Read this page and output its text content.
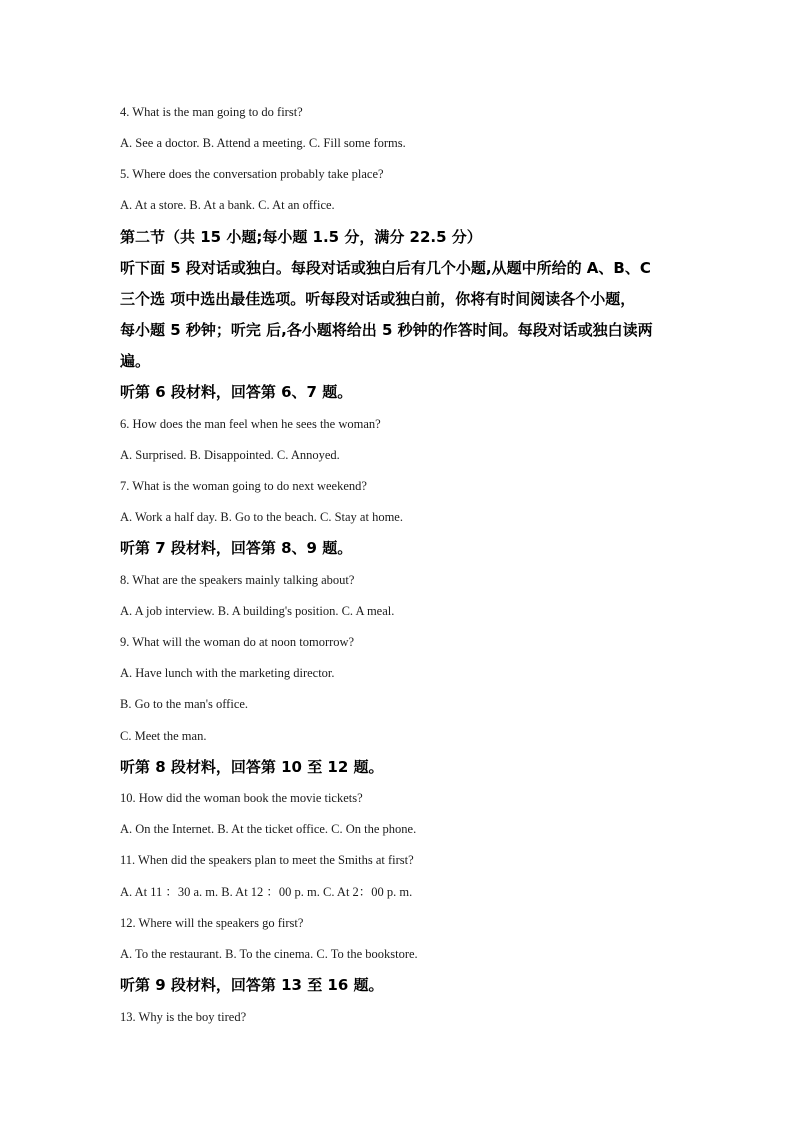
4. What is the man going to do first?
A. See a doctor. B. Attend a meeting. C. Fill some forms.
5. Where does the conversation probably take place?
A. At a store. B. At a bank. C. At an office.
第二节（共 15 小题;每小题 1.5 分，满分 22.5 分）
听下面 5 段对话或独白。每段对话或独白后有几个小题,从题中所给的 A、B、C
三个选 项中选出最佳选项。听每段对话或独白前，你将有时间阅读各个小题，
每小题 5 秒钟；听完 后,各小题将给出 5 秒钟的作答时间。每段对话或独白读两
遍。
听第 6 段材料，回答第 6、7 题。
6. How does the man feel when he sees the woman?
A. Surprised. B. Disappointed. C. Annoyed.
7. What is the woman going to do next weekend?
A. Work a half day. B. Go to the beach. C. Stay at home.
听第 7 段材料，回答第 8、9 题。
8. What are the speakers mainly talking about?
A. A job interview. B. A building's position. C. A meal.
9. What will the woman do at noon tomorrow?
A. Have lunch with the marketing director.
B. Go to the man's office.
C. Meet the man.
听第 8 段材料，回答第 10 至 12 题。
10. How did the woman book the movie tickets?
A. On the Internet. B. At the ticket office. C. On the phone.
11. When did the speakers plan to meet the Smiths at first?
A. At 11 ：30 a. m. B. At 12 ：00 p. m. C. At 2：00 p. m.
12. Where will the speakers go first?
A. To the restaurant. B. To the cinema. C. To the bookstore.
听第 9 段材料，回答第 13 至 16 题。
13. Why is the boy tired?
